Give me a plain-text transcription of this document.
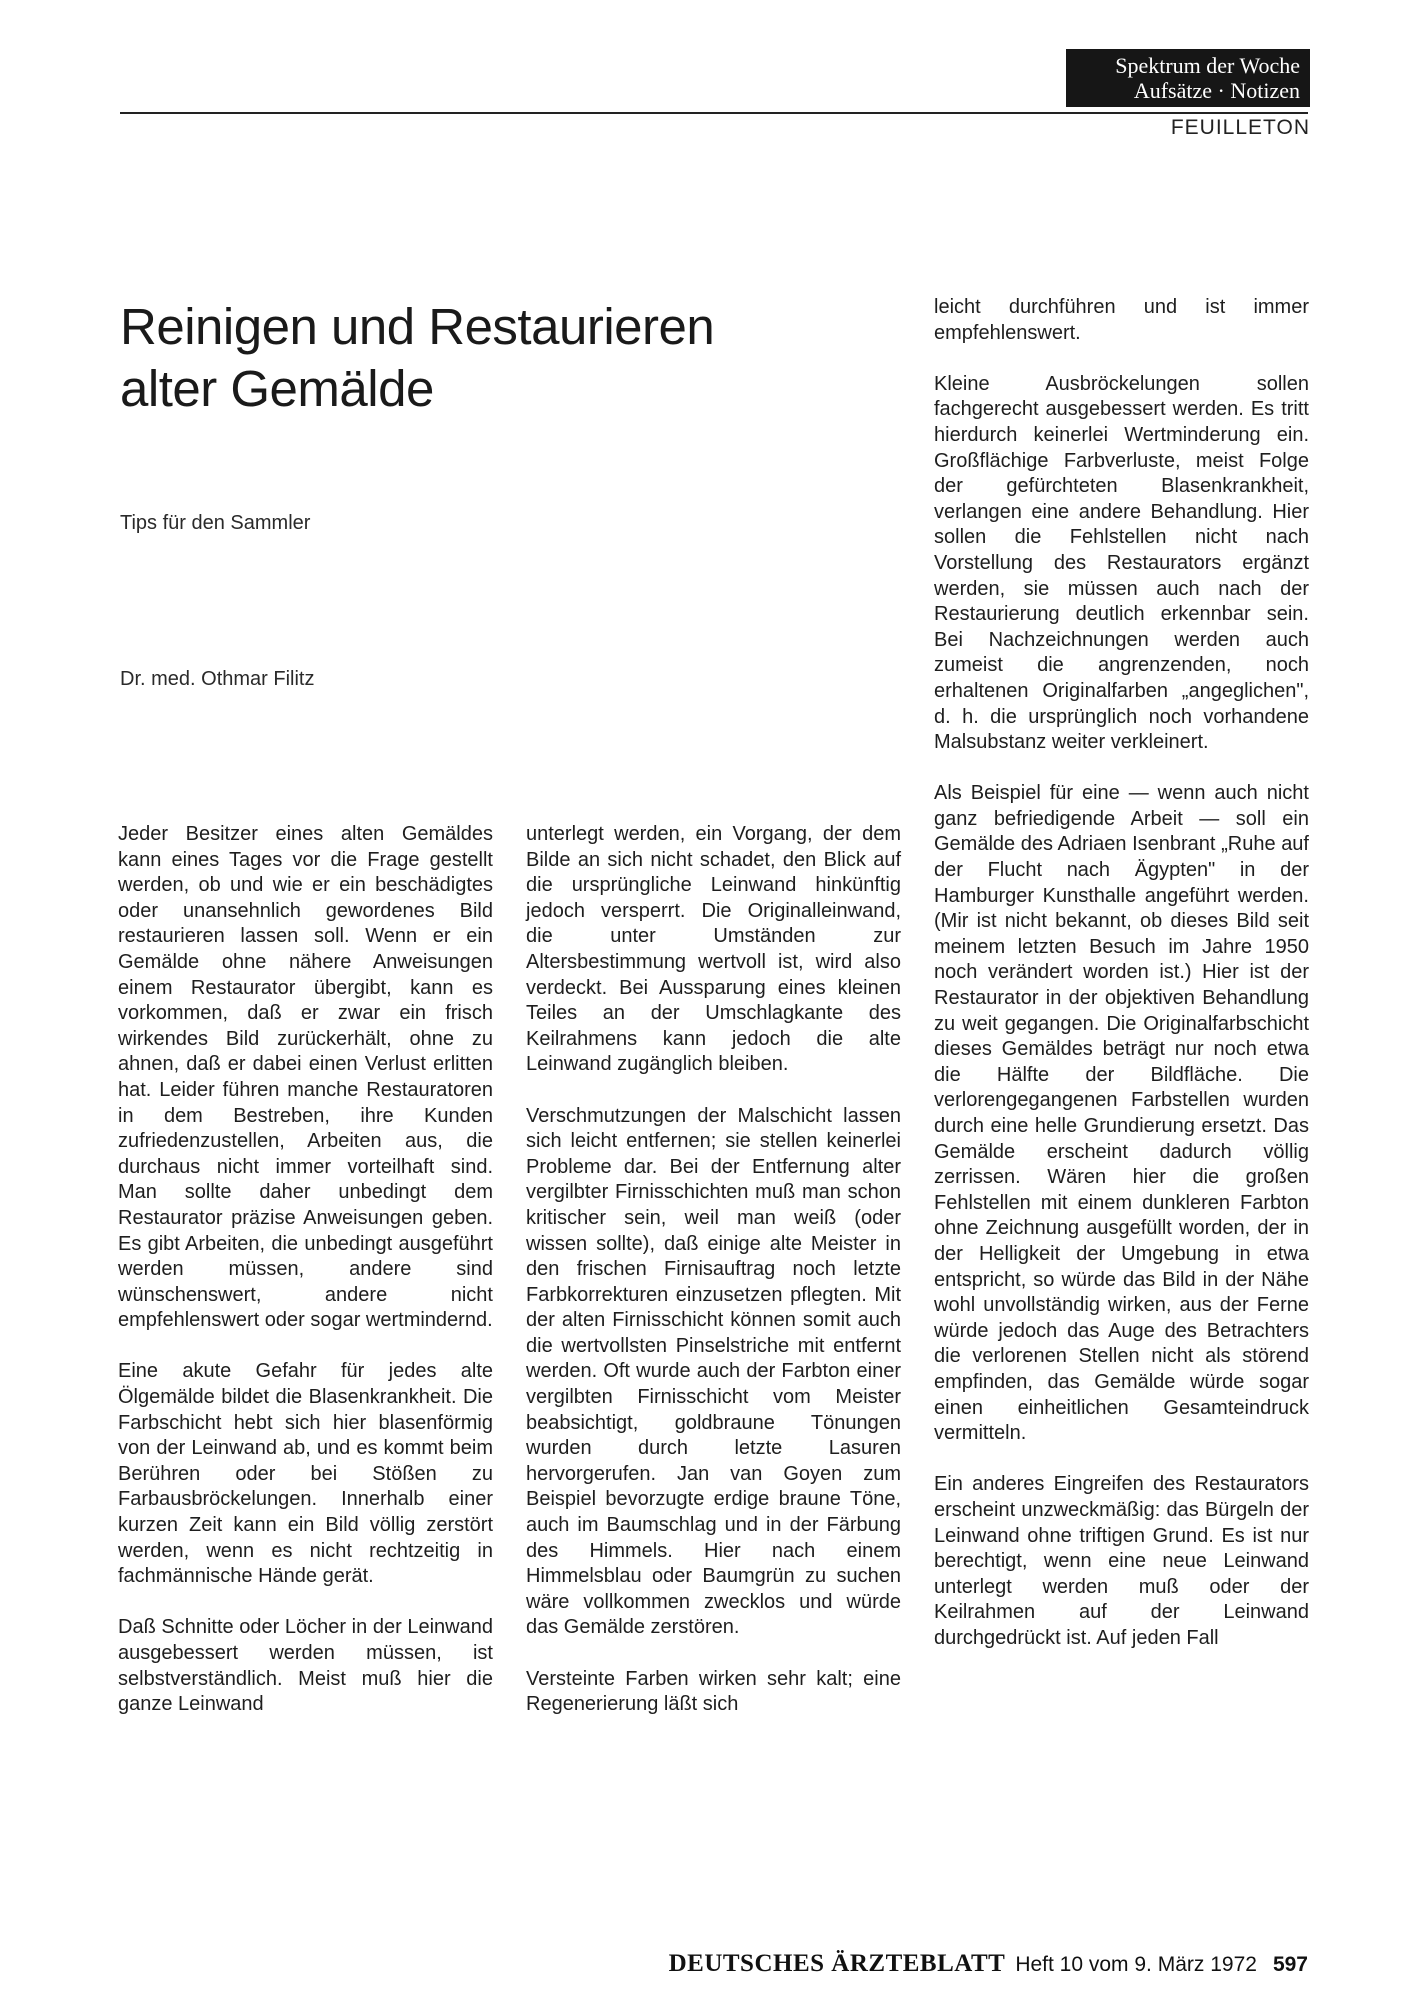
Spektrum der Woche
Aufsätze · Notizen
FEUILLETON
Reinigen und Restaurieren alter Gemälde
Tips für den Sammler
Dr. med. Othmar Filitz

Jeder Besitzer eines alten Gemäldes kann eines Tages vor die Frage gestellt werden, ob und wie er ein beschädigtes oder unansehnlich gewordenes Bild restaurieren lassen soll. Wenn er ein Gemälde ohne nähere Anweisungen einem Restaurator übergibt, kann es vorkommen, daß er zwar ein frisch wirkendes Bild zurückerhält, ohne zu ahnen, daß er dabei einen Verlust erlitten hat. Leider führen manche Restauratoren in dem Bestreben, ihre Kunden zufriedenzustellen, Arbeiten aus, die durchaus nicht immer vorteilhaft sind. Man sollte daher unbedingt dem Restaurator präzise Anweisungen geben. Es gibt Arbeiten, die unbedingt ausgeführt werden müssen, andere sind wünschenswert, andere nicht empfehlenswert oder sogar wertmindernd.

Eine akute Gefahr für jedes alte Ölgemälde bildet die Blasenkrankheit. Die Farbschicht hebt sich hier blasenförmig von der Leinwand ab, und es kommt beim Berühren oder bei Stößen zu Farbausbröckelungen. Innerhalb einer kurzen Zeit kann ein Bild völlig zerstört werden, wenn es nicht rechtzeitig in fachmännische Hände gerät.

Daß Schnitte oder Löcher in der Leinwand ausgebessert werden müssen, ist selbstverständlich. Meist muß hier die ganze Leinwand

unterlegt werden, ein Vorgang, der dem Bilde an sich nicht schadet, den Blick auf die ursprüngliche Leinwand hinkünftig jedoch versperrt. Die Originalleinwand, die unter Umständen zur Altersbestimmung wertvoll ist, wird also verdeckt. Bei Aussparung eines kleinen Teiles an der Umschlagkante des Keilrahmens kann jedoch die alte Leinwand zugänglich bleiben.

Verschmutzungen der Malschicht lassen sich leicht entfernen; sie stellen keinerlei Probleme dar. Bei der Entfernung alter vergilbter Firnisschichten muß man schon kritischer sein, weil man weiß (oder wissen sollte), daß einige alte Meister in den frischen Firnisauftrag noch letzte Farbkorrekturen einzusetzen pflegten. Mit der alten Firnisschicht können somit auch die wertvollsten Pinselstriche mit entfernt werden. Oft wurde auch der Farbton einer vergilbten Firnisschicht vom Meister beabsichtigt, goldbraune Tönungen wurden durch letzte Lasuren hervorgerufen. Jan van Goyen zum Beispiel bevorzugte erdige braune Töne, auch im Baumschlag und in der Färbung des Himmels. Hier nach einem Himmelsblau oder Baumgrün zu suchen wäre vollkommen zwecklos und würde das Gemälde zerstören.

Versteinte Farben wirken sehr kalt; eine Regenerierung läßt sich

leicht durchführen und ist immer empfehlenswert.

Kleine Ausbröckelungen sollen fachgerecht ausgebessert werden. Es tritt hierdurch keinerlei Wertminderung ein. Großflächige Farbverluste, meist Folge der gefürchteten Blasenkrankheit, verlangen eine andere Behandlung. Hier sollen die Fehlstellen nicht nach Vorstellung des Restaurators ergänzt werden, sie müssen auch nach der Restaurierung deutlich erkennbar sein. Bei Nachzeichnungen werden auch zumeist die angrenzenden, noch erhaltenen Originalfarben „angeglichen", d. h. die ursprünglich noch vorhandene Malsubstanz weiter verkleinert.

Als Beispiel für eine — wenn auch nicht ganz befriedigende Arbeit — soll ein Gemälde des Adriaen Isenbrant „Ruhe auf der Flucht nach Ägypten" in der Hamburger Kunsthalle angeführt werden. (Mir ist nicht bekannt, ob dieses Bild seit meinem letzten Besuch im Jahre 1950 noch verändert worden ist.) Hier ist der Restaurator in der objektiven Behandlung zu weit gegangen. Die Originalfarbschicht dieses Gemäldes beträgt nur noch etwa die Hälfte der Bildfläche. Die verlorengegangenen Farbstellen wurden durch eine helle Grundierung ersetzt. Das Gemälde erscheint dadurch völlig zerrissen. Wären hier die großen Fehlstellen mit einem dunkleren Farbton ohne Zeichnung ausgefüllt worden, der in der Helligkeit der Umgebung in etwa entspricht, so würde das Bild in der Nähe wohl unvollständig wirken, aus der Ferne würde jedoch das Auge des Betrachters die verlorenen Stellen nicht als störend empfinden, das Gemälde würde sogar einen einheitlichen Gesamteindruck vermitteln.

Ein anderes Eingreifen des Restaurators erscheint unzweckmäßig: das Bürgeln der Leinwand ohne triftigen Grund. Es ist nur berechtigt, wenn eine neue Leinwand unterlegt werden muß oder der Keilrahmen auf der Leinwand durchgedrückt ist. Auf jeden Fall

DEUTSCHES ÄRZTEBLATT Heft 10 vom 9. März 1972 597
